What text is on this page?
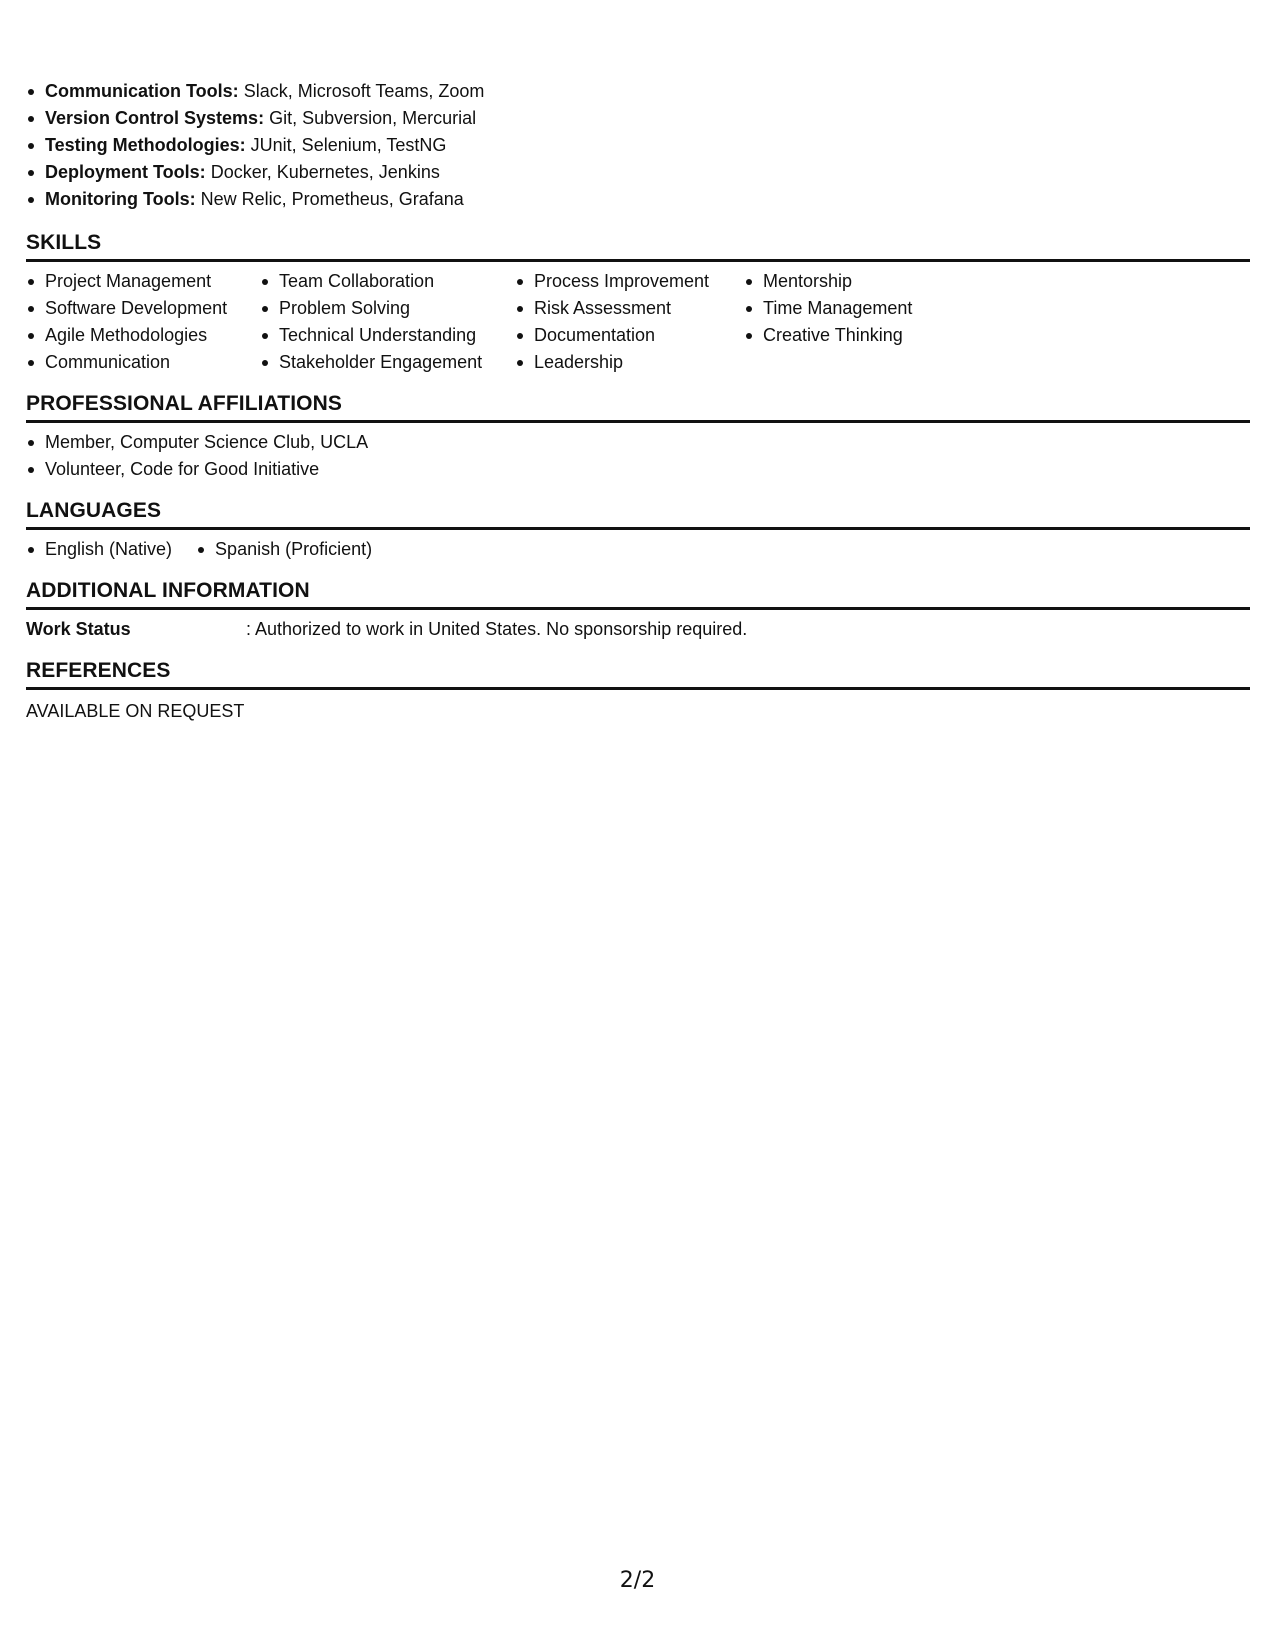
Communication Tools: Slack, Microsoft Teams, Zoom
Version Control Systems: Git, Subversion, Mercurial
Testing Methodologies: JUnit, Selenium, TestNG
Deployment Tools: Docker, Kubernetes, Jenkins
Monitoring Tools: New Relic, Prometheus, Grafana
SKILLS
Project Management
Software Development
Agile Methodologies
Communication
Team Collaboration
Problem Solving
Technical Understanding
Stakeholder Engagement
Process Improvement
Risk Assessment
Documentation
Leadership
Mentorship
Time Management
Creative Thinking
PROFESSIONAL AFFILIATIONS
Member, Computer Science Club, UCLA
Volunteer, Code for Good Initiative
LANGUAGES
English (Native)	Spanish (Proficient)
ADDITIONAL INFORMATION
Work Status	: Authorized to work in United States. No sponsorship required.
REFERENCES
AVAILABLE ON REQUEST
2/2
